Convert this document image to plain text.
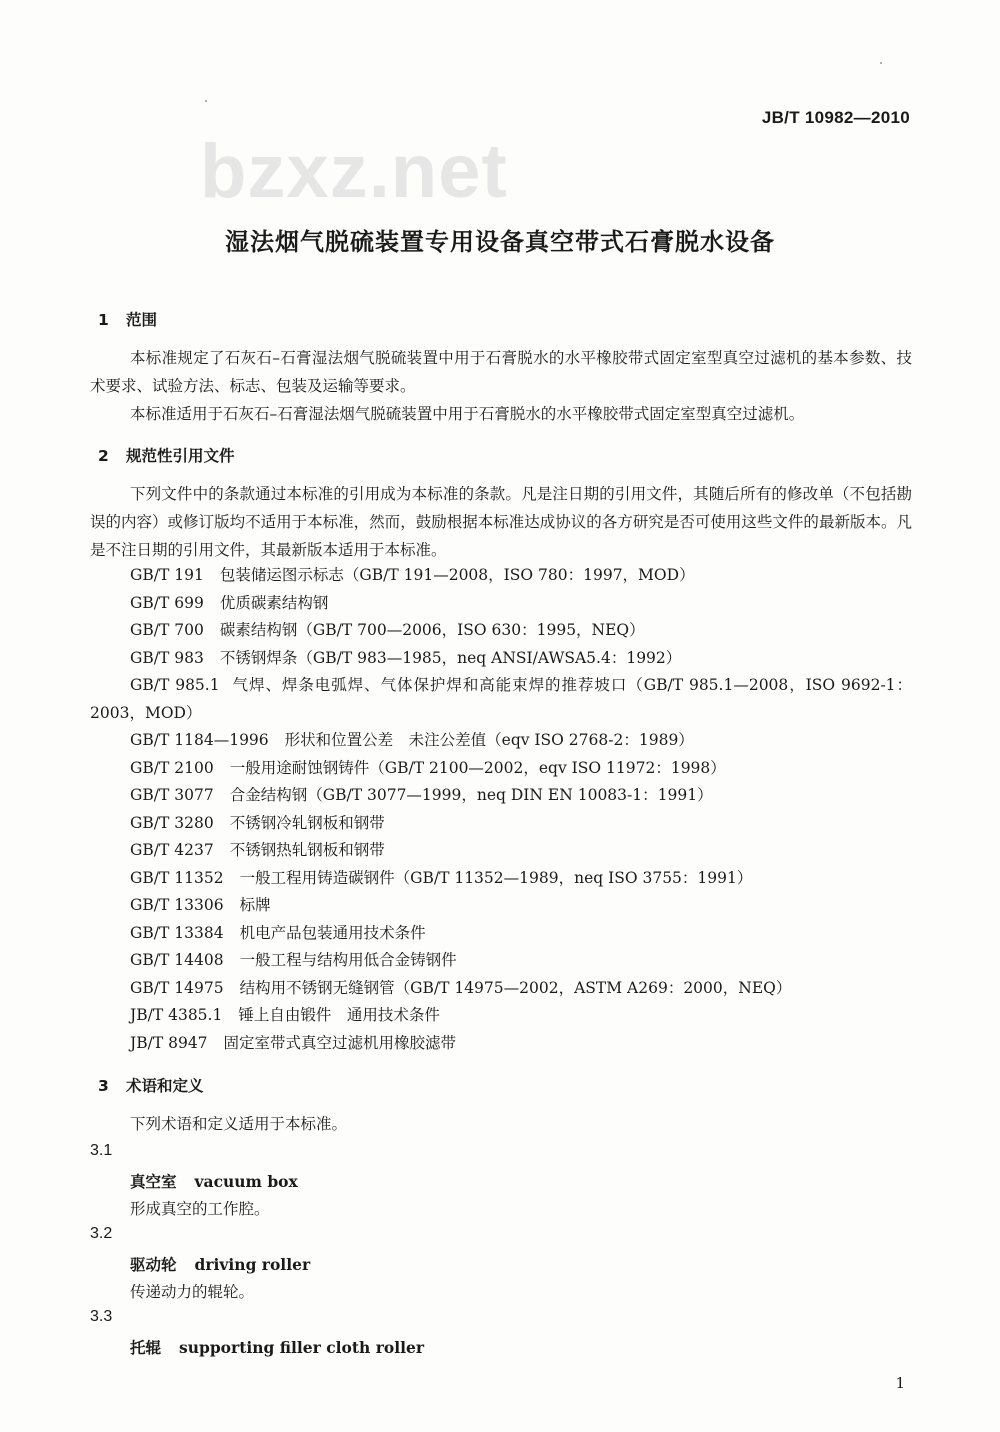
JB/T 10982—2010
bzxz.net
湿法烟气脱硫装置专用设备真空带式石膏脱水设备
1 范围
本标准规定了石灰石–石膏湿法烟气脱硫装置中用于石膏脱水的水平橡胶带式固定室型真空过滤机的基本参数、技术要求、试验方法、标志、包装及运输等要求。
本标准适用于石灰石–石膏湿法烟气脱硫装置中用于石膏脱水的水平橡胶带式固定室型真空过滤机。
2 规范性引用文件
下列文件中的条款通过本标准的引用成为本标准的条款。凡是注日期的引用文件，其随后所有的修改单（不包括勘误的内容）或修订版均不适用于本标准，然而，鼓励根据本标准达成协议的各方研究是否可使用这些文件的最新版本。凡是不注日期的引用文件，其最新版本适用于本标准。
GB/T 191 包装储运图示标志（GB/T 191—2008，ISO 780：1997，MOD）
GB/T 699 优质碳素结构钢
GB/T 700 碳素结构钢（GB/T 700—2006，ISO 630：1995，NEQ）
GB/T 983 不锈钢焊条（GB/T 983—1985，neq ANSI/AWSA5.4：1992）
GB/T 985.1 气焊、焊条电弧焊、气体保护焊和高能束焊的推荐坡口（GB/T 985.1—2008，ISO 9692-1：2003，MOD）
GB/T 1184—1996 形状和位置公差　未注公差值（eqv ISO 2768-2：1989）
GB/T 2100 一般用途耐蚀钢铸件（GB/T 2100—2002，eqv ISO 11972：1998）
GB/T 3077 合金结构钢（GB/T 3077—1999，neq DIN EN 10083-1：1991）
GB/T 3280 不锈钢冷轧钢板和钢带
GB/T 4237 不锈钢热轧钢板和钢带
GB/T 11352 一般工程用铸造碳钢件（GB/T 11352—1989，neq ISO 3755：1991）
GB/T 13306 标牌
GB/T 13384 机电产品包装通用技术条件
GB/T 14408 一般工程与结构用低合金铸钢件
GB/T 14975 结构用不锈钢无缝钢管（GB/T 14975—2002，ASTM A269：2000，NEQ）
JB/T 4385.1 锤上自由锻件　通用技术条件
JB/T 8947 固定室带式真空过滤机用橡胶滤带
3 术语和定义
下列术语和定义适用于本标准。
3.1
真空室 vacuum box
形成真空的工作腔。
3.2
驱动轮 driving roller
传递动力的辊轮。
3.3
托辊 supporting filler cloth roller
1
